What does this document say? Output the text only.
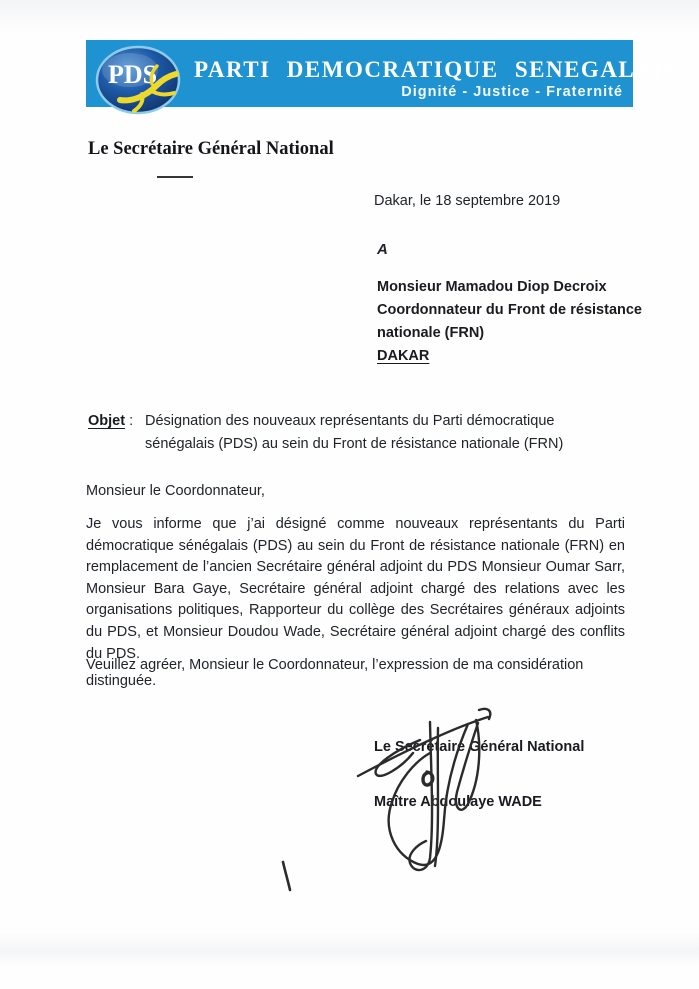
PARTI DEMOCRATIQUE SENEGALAIS
Dignité - Justice - Fraternité
PDS
Le Secrétaire Général National
Dakar, le 18 septembre 2019
A
Monsieur Mamadou Diop Decroix
Coordonnateur du Front de résistance nationale (FRN)
DAKAR
Objet : Désignation des nouveaux représentants du Parti démocratique sénégalais (PDS) au sein du Front de résistance nationale (FRN)
Monsieur le Coordonnateur,
Je vous informe que j’ai désigné comme nouveaux représentants du Parti démocratique sénégalais (PDS) au sein du Front de résistance nationale (FRN) en remplacement de l’ancien Secrétaire général adjoint du PDS Monsieur Oumar Sarr, Monsieur Bara Gaye, Secrétaire général adjoint chargé des relations avec les organisations politiques, Rapporteur du collège des Secrétaires généraux adjoints du PDS, et Monsieur Doudou Wade, Secrétaire général adjoint chargé des conflits du PDS.
Veuillez agréer, Monsieur le Coordonnateur, l’expression de ma considération distinguée.
Le Secrétaire Général National
Maître Abdoulaye WADE
